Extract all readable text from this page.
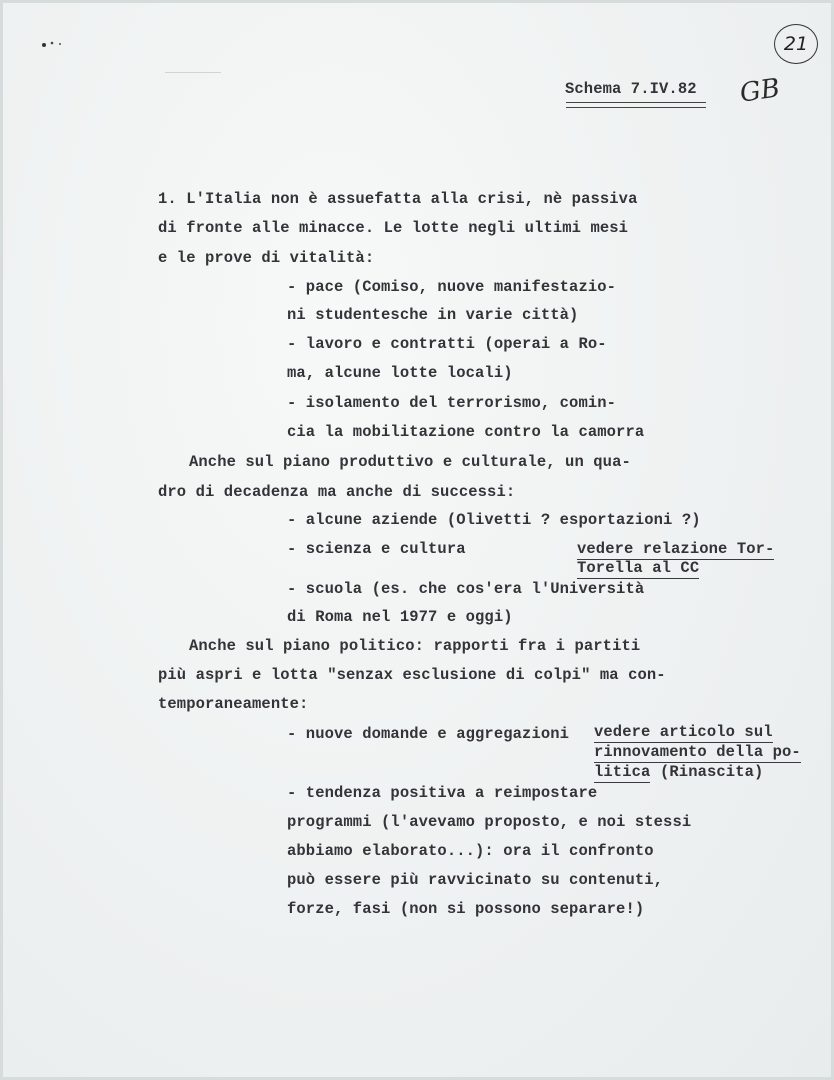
21
GB
Schema 7.IV.82
1. L'Italia non è assuefatta alla crisi, nè passiva
di fronte alle minacce. Le lotte negli ultimi mesi
e le prove di vitalità:
- pace (Comiso, nuove manifestazio-
ni studentesche in varie città)
- lavoro e contratti (operai a Ro-
ma, alcune lotte locali)
- isolamento del terrorismo, comin-
cia la mobilitazione contro la camorra
Anche sul piano produttivo e culturale, un qua-
dro di decadenza ma anche di successi:
- alcune aziende (Olivetti ? esportazioni ?)
- scienza e cultura	vedere relazione Tor-
Torella al CC
- scuola (es. che cos'era l'Università
di Roma nel 1977 e oggi)
Anche sul piano politico: rapporti fra i partiti
più aspri e lotta "senzax esclusione di colpi" ma con-
temporaneamente:
- nuove domande e aggregazioni vedere articolo sul
rinnovamento della po-
litica (Rinascita)
- tendenza positiva a reimpostare
programmi (l'avevamo proposto, e noi stessi
abbiamo elaborato...): ora il confronto
può essere più ravvicinato su contenuti,
forze, fasi (non si possono separare!)
